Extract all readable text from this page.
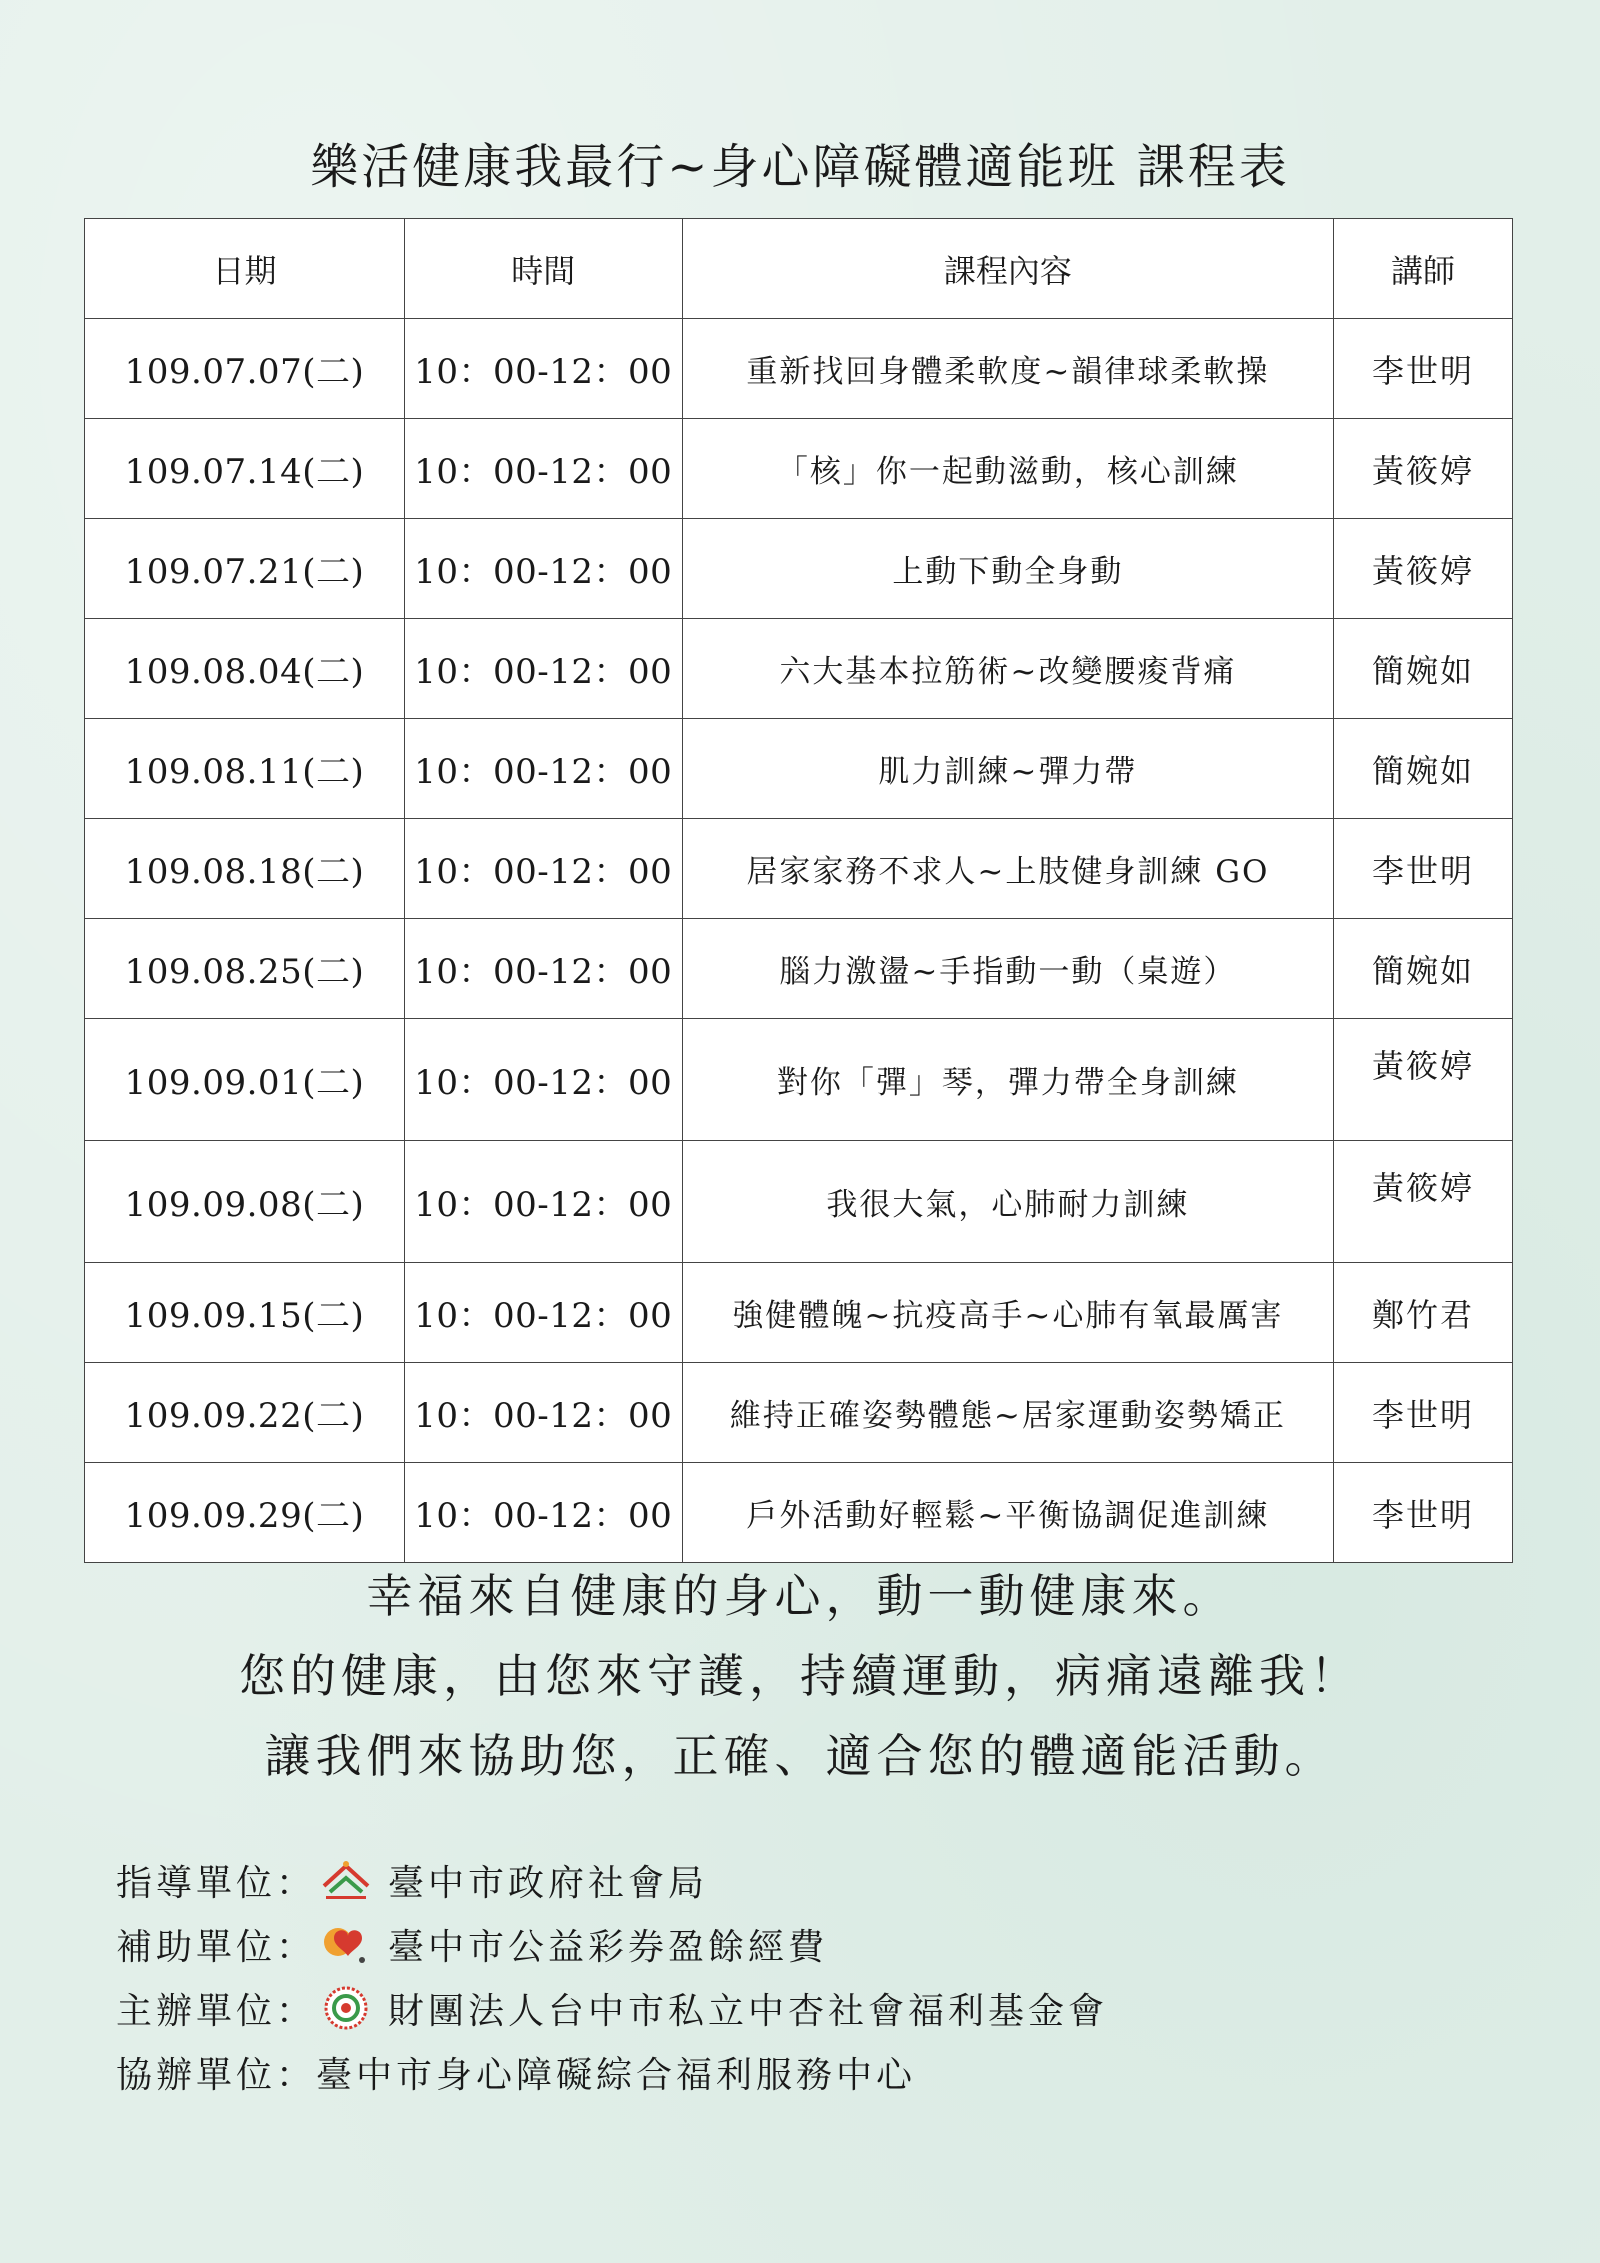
樂活健康我最行~身心障礙體適能班 課程表
日期	時間	課程內容	講師
109.07.07(二)	10：00-12：00	重新找回身體柔軟度~韻律球柔軟操	李世明
109.07.14(二)	10：00-12：00	「核」你一起動滋動，核心訓練	黃筱婷
109.07.21(二)	10：00-12：00	上動下動全身動	黃筱婷
109.08.04(二)	10：00-12：00	六大基本拉筋術~改變腰痠背痛	簡婉如
109.08.11(二)	10：00-12：00	肌力訓練~彈力帶	簡婉如
109.08.18(二)	10：00-12：00	居家家務不求人~上肢健身訓練 GO	李世明
109.08.25(二)	10：00-12：00	腦力激盪~手指動一動（桌遊）	簡婉如
109.09.01(二)	10：00-12：00	對你「彈」琴，彈力帶全身訓練	黃筱婷
109.09.08(二)	10：00-12：00	我很大氣，心肺耐力訓練	黃筱婷
109.09.15(二)	10：00-12：00	強健體魄~抗疫高手~心肺有氧最厲害	鄭竹君
109.09.22(二)	10：00-12：00	維持正確姿勢體態~居家運動姿勢矯正	李世明
109.09.29(二)	10：00-12：00	戶外活動好輕鬆~平衡協調促進訓練	李世明
幸福來自健康的身心，動一動健康來。
您的健康，由您來守護，持續運動，病痛遠離我！
讓我們來協助您，正確、適合您的體適能活動。
指導單位： 臺中市政府社會局
補助單位： 臺中市公益彩券盈餘經費
主辦單位： 財團法人台中市私立中杏社會福利基金會
協辦單位： 臺中市身心障礙綜合福利服務中心
